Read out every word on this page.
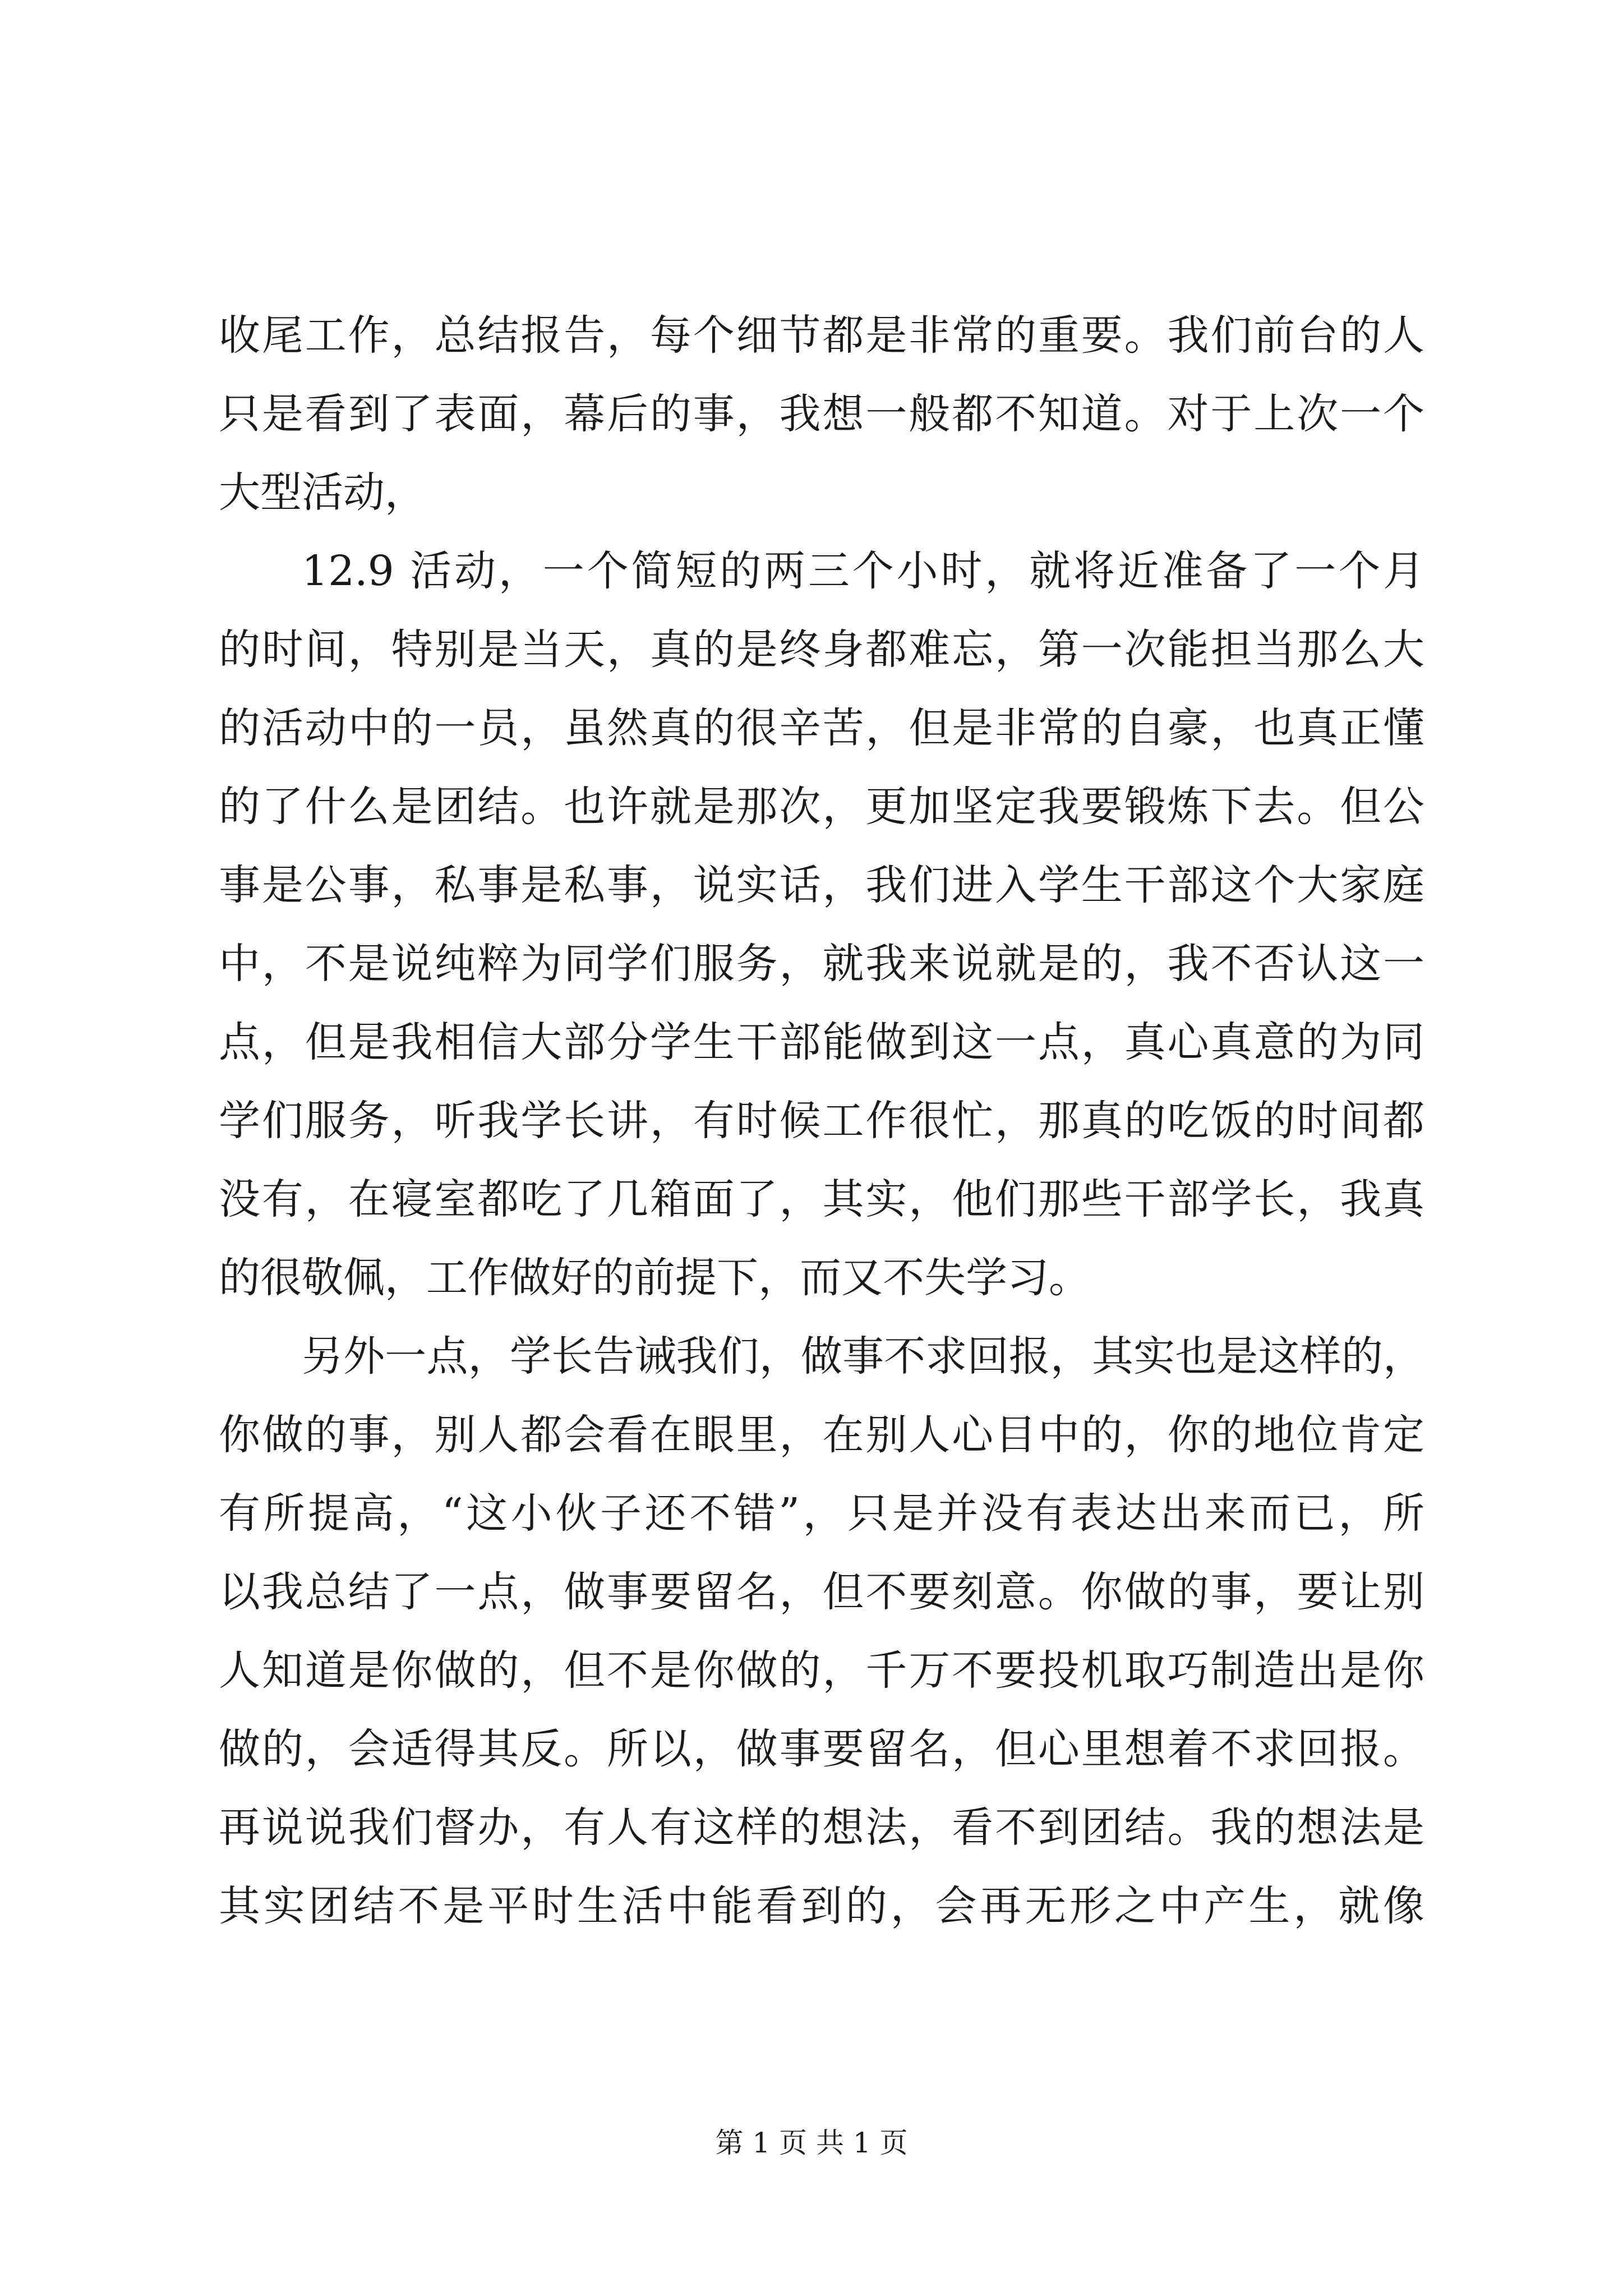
收尾工作，总结报告，每个细节都是非常的重要。我们前台的人
只是看到了表面，幕后的事，我想一般都不知道。对于上次一个
大型活动，
12.9 活动，一个简短的两三个小时，就将近准备了一个月
的时间，特别是当天，真的是终身都难忘，第一次能担当那么大
的活动中的一员，虽然真的很辛苦，但是非常的自豪，也真正懂
的了什么是团结。也许就是那次，更加坚定我要锻炼下去。但公
事是公事，私事是私事，说实话，我们进入学生干部这个大家庭
中，不是说纯粹为同学们服务，就我来说就是的，我不否认这一
点，但是我相信大部分学生干部能做到这一点，真心真意的为同
学们服务，听我学长讲，有时候工作很忙，那真的吃饭的时间都
没有，在寝室都吃了几箱面了，其实，他们那些干部学长，我真
的很敬佩，工作做好的前提下，而又不失学习。
另外一点，学长告诫我们，做事不求回报，其实也是这样的，
你做的事，别人都会看在眼里，在别人心目中的，你的地位肯定
有所提高，“这小伙子还不错”，只是并没有表达出来而已，所
以我总结了一点，做事要留名，但不要刻意。你做的事，要让别
人知道是你做的，但不是你做的，千万不要投机取巧制造出是你
做的，会适得其反。所以，做事要留名，但心里想着不求回报。
再说说我们督办，有人有这样的想法，看不到团结。我的想法是
其实团结不是平时生活中能看到的，会再无形之中产生，就像
第 1 页 共 1 页
